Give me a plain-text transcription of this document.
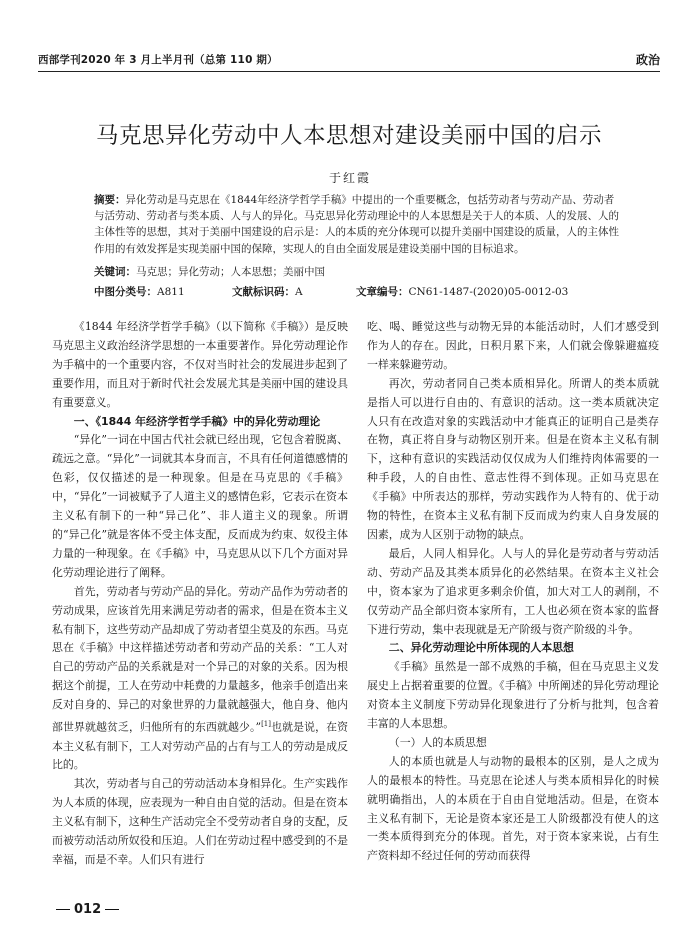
西部学刊2020 年 3 月上半月刊（总第 110 期）	政治
马克思异化劳动中人本思想对建设美丽中国的启示
于红霞
摘要：异化劳动是马克思在《1844年经济学哲学手稿》中提出的一个重要概念，包括劳动者与劳动产品、劳动者与活劳动、劳动者与类本质、人与人的异化。马克思异化劳动理论中的人本思想是关于人的本质、人的发展、人的主体性等的思想，其对于美丽中国建设的启示是：人的本质的充分体现可以提升美丽中国建设的质量，人的主体性作用的有效发挥是实现美丽中国的保障，实现人的自由全面发展是建设美丽中国的目标追求。
关键词：马克思；异化劳动；人本思想；美丽中国
中图分类号：A811	文献标识码：A	文章编号：CN61-1487-(2020)05-0012-03

《1844 年经济学哲学手稿》（以下简称《手稿》）是反映马克思主义政治经济学思想的一本重要著作。异化劳动理论作为手稿中的一个重要内容，不仅对当时社会的发展进步起到了重要作用，而且对于新时代社会发展尤其是美丽中国的建设具有重要意义。

一、《1844 年经济学哲学手稿》中的异化劳动理论

“异化”一词在中国古代社会就已经出现，它包含着脱离、疏远之意。“异化”一词就其本身而言，不具有任何道德感情的色彩，仅仅描述的是一种现象。但是在马克思的《手稿》中，“异化”一词被赋予了人道主义的感情色彩，它表示在资本主义私有制下的一种“异己化”、非人道主义的现象。所谓的“异己化”就是客体不受主体支配，反而成为约束、奴役主体力量的一种现象。在《手稿》中，马克思从以下几个方面对异化劳动理论进行了阐释。

首先，劳动者与劳动产品的异化。劳动产品作为劳动者的劳动成果，应该首先用来满足劳动者的需求，但是在资本主义私有制下，这些劳动产品却成了劳动者望尘莫及的东西。马克思在《手稿》中这样描述劳动者和劳动产品的关系：“工人对自己的劳动产品的关系就是对一个异己的对象的关系。因为根据这个前提，工人在劳动中耗费的力量越多，他亲手创造出来反对自身的、异己的对象世界的力量就越强大，他自身、他内部世界就越贫乏，归他所有的东西就越少。”[1]也就是说，在资本主义私有制下，工人对劳动产品的占有与工人的劳动是成反比的。

其次，劳动者与自己的劳动活动本身相异化。生产实践作为人本质的体现，应表现为一种自由自觉的活动。但是在资本主义私有制下，这种生产活动完全不受劳动者自身的支配，反而被劳动活动所奴役和压迫。人们在劳动过程中感受到的不是幸福，而是不幸。人们只有进行

吃、喝、睡觉这些与动物无异的本能活动时，人们才感受到作为人的存在。因此，日积月累下来，人们就会像躲避瘟疫一样来躲避劳动。

再次，劳动者同自己类本质相异化。所谓人的类本质就是指人可以进行自由的、有意识的活动。这一类本质就决定人只有在改造对象的实践活动中才能真正的证明自己是类存在物，真正将自身与动物区别开来。但是在资本主义私有制下，这种有意识的实践活动仅仅成为人们维持肉体需要的一种手段，人的自由性、意志性得不到体现。正如马克思在《手稿》中所表达的那样，劳动实践作为人特有的、优于动物的特性，在资本主义私有制下反而成为约束人自身发展的因素，成为人区别于动物的缺点。

最后，人同人相异化。人与人的异化是劳动者与劳动活动、劳动产品及其类本质异化的必然结果。在资本主义社会中，资本家为了追求更多剩余价值，加大对工人的剥削，不仅劳动产品全部归资本家所有，工人也必须在资本家的监督下进行劳动，集中表现就是无产阶级与资产阶级的斗争。

二、异化劳动理论中所体现的人本思想

《手稿》虽然是一部不成熟的手稿，但在马克思主义发展史上占据着重要的位置。《手稿》中所阐述的异化劳动理论对资本主义制度下劳动异化现象进行了分析与批判，包含着丰富的人本思想。

（一）人的本质思想

人的本质也就是人与动物的最根本的区别，是人之成为人的最根本的特性。马克思在论述人与类本质相异化的时候就明确指出，人的本质在于自由自觉地活动。但是，在资本主义私有制下，无论是资本家还是工人阶级都没有使人的这一类本质得到充分的体现。首先，对于资本家来说，占有生产资料却不经过任何的劳动而获得

012
